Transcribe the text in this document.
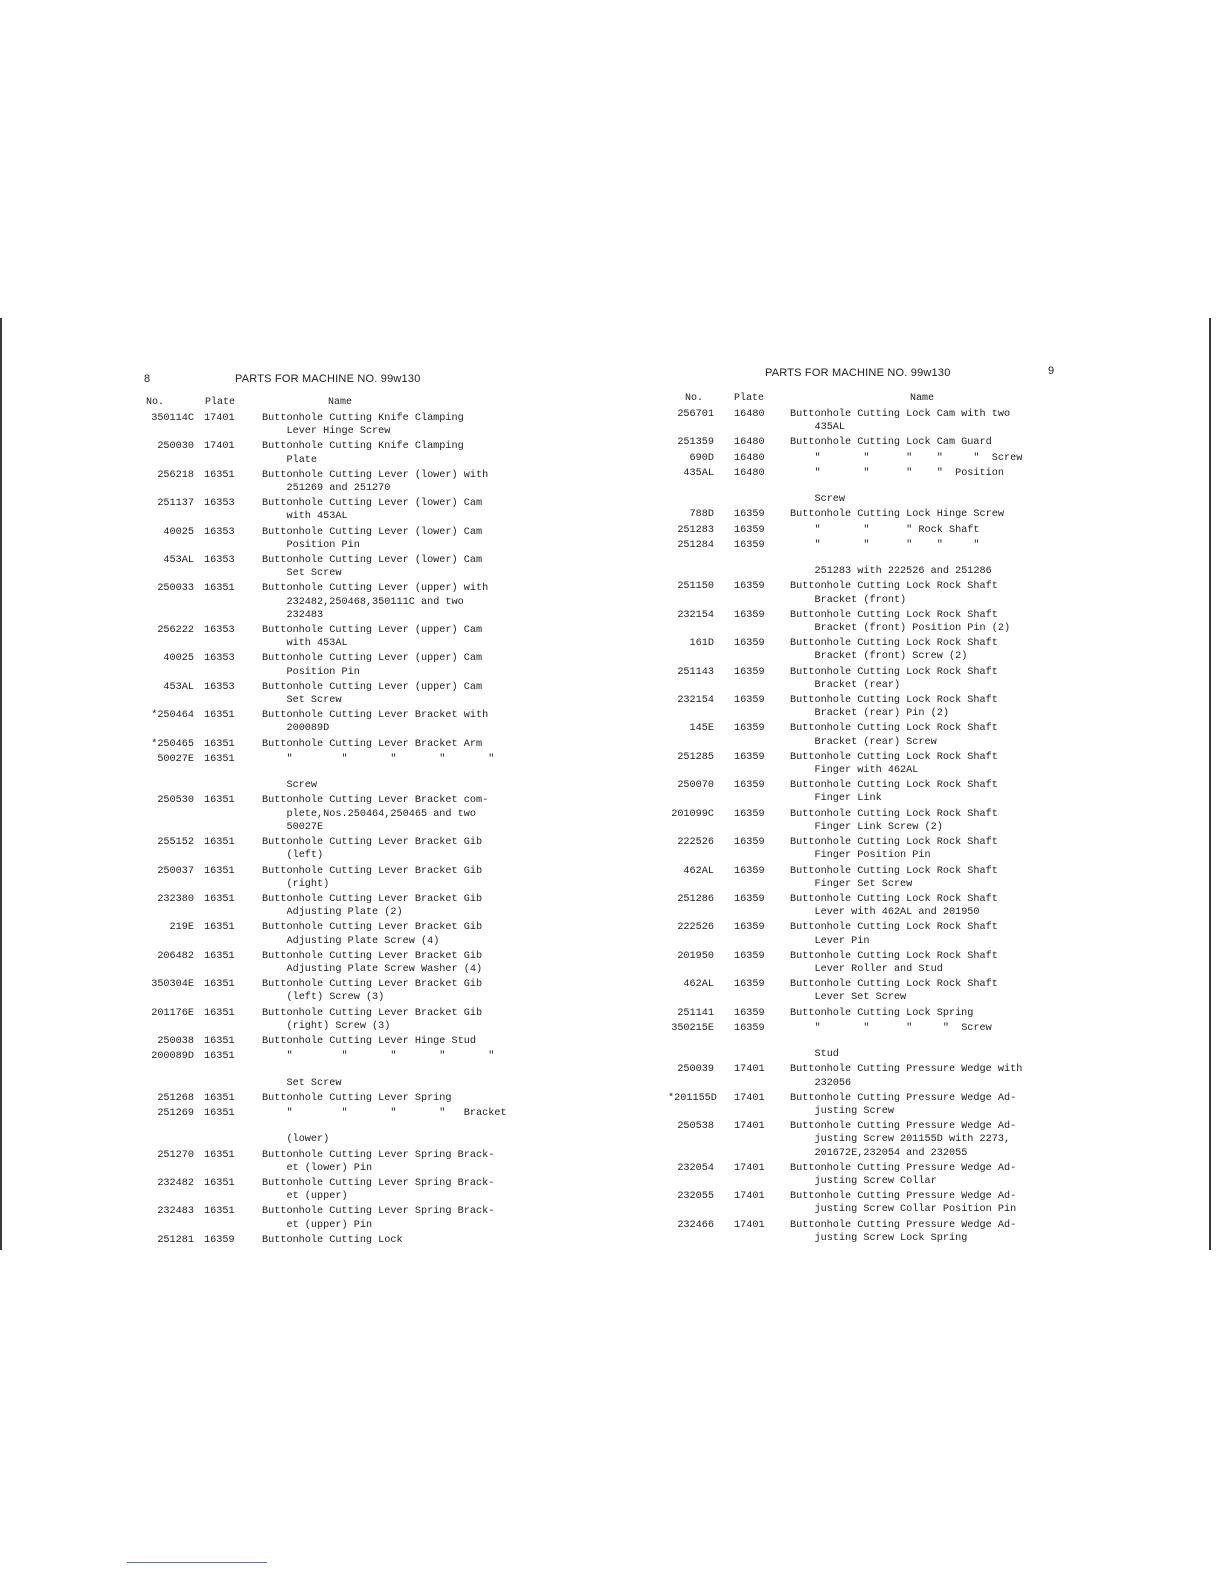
8	PARTS FOR MACHINE NO. 99w130
No.	Plate	Name
350114C 17401	Buttonhole Cutting Knife Clamping
Lever Hinge Screw
250030 17401	Buttonhole Cutting Knife Clamping
Plate
256218 16351	Buttonhole Cutting Lever (lower) with
251269 and 251270
251137 16353	Buttonhole Cutting Lever (lower) Cam
with 453AL
40025 16353	Buttonhole Cutting Lever (lower) Cam
Position Pin
453AL 16353	Buttonhole Cutting Lever (lower) Cam
Set Screw
250033 16351	Buttonhole Cutting Lever (upper) with
232482,250468,350111C and two
232483
256222 16353	Buttonhole Cutting Lever (upper) Cam
with 453AL
40025 16353	Buttonhole Cutting Lever (upper) Cam
Position Pin
453AL 16353	Buttonhole Cutting Lever (upper) Cam
Set Screw
*250464 16351	Buttonhole Cutting Lever Bracket with
200089D
*250465 16351	Buttonhole Cutting Lever Bracket Arm
50027E 16351	"        "       "       "       "

Screw
250530 16351	Buttonhole Cutting Lever Bracket com-
plete,Nos.250464,250465 and two
50027E
255152 16351	Buttonhole Cutting Lever Bracket Gib
(left)
250037 16351	Buttonhole Cutting Lever Bracket Gib
(right)
232380 16351	Buttonhole Cutting Lever Bracket Gib
Adjusting Plate (2)
219E 16351	Buttonhole Cutting Lever Bracket Gib
Adjusting Plate Screw (4)
206482 16351	Buttonhole Cutting Lever Bracket Gib
Adjusting Plate Screw Washer (4)
350304E 16351	Buttonhole Cutting Lever Bracket Gib
(left) Screw (3)
201176E 16351	Buttonhole Cutting Lever Bracket Gib
(right) Screw (3)
250038 16351	Buttonhole Cutting Lever Hinge Stud
200089D 16351	"        "       "       "       "

Set Screw
251268 16351	Buttonhole Cutting Lever Spring
251269 16351	"        "       "       "   Bracket

(lower)
251270 16351	Buttonhole Cutting Lever Spring Brack-
et (lower) Pin
232482 16351	Buttonhole Cutting Lever Spring Brack-
et (upper)
232483 16351	Buttonhole Cutting Lever Spring Brack-
et (upper) Pin
251281 16359	Buttonhole Cutting Lock
PARTS FOR MACHINE NO. 99w130	9
No.	Plate	Name
256701 16480 Buttonhole Cutting Lock Cam with two
435AL
251359 16480 Buttonhole Cutting Lock Cam Guard
690D 16480 "       "      "    "     "  Screw
435AL 16480	"       "      "    "  Position

Screw
788D 16359 Buttonhole Cutting Lock Hinge Screw
251283 16359 "       "      " Rock Shaft
251284 16359	"       "      "    "     "

251283 with 222526 and 251286
251150 16359 Buttonhole Cutting Lock Rock Shaft
Bracket (front)
232154 16359 Buttonhole Cutting Lock Rock Shaft
Bracket (front) Position Pin (2)
161D 16359 Buttonhole Cutting Lock Rock Shaft
Bracket (front) Screw (2)
251143 16359 Buttonhole Cutting Lock Rock Shaft
Bracket (rear)
232154 16359 Buttonhole Cutting Lock Rock Shaft
Bracket (rear) Pin (2)
145E 16359 Buttonhole Cutting Lock Rock Shaft
Bracket (rear) Screw
251285 16359 Buttonhole Cutting Lock Rock Shaft
Finger with 462AL
250070 16359 Buttonhole Cutting Lock Rock Shaft
Finger Link
201099C 16359 Buttonhole Cutting Lock Rock Shaft
Finger Link Screw (2)
222526 16359 Buttonhole Cutting Lock Rock Shaft
Finger Position Pin
462AL 16359 Buttonhole Cutting Lock Rock Shaft
Finger Set Screw
251286 16359 Buttonhole Cutting Lock Rock Shaft
Lever with 462AL and 201950
222526 16359 Buttonhole Cutting Lock Rock Shaft
Lever Pin
201950 16359 Buttonhole Cutting Lock Rock Shaft
Lever Roller and Stud
462AL 16359 Buttonhole Cutting Lock Rock Shaft
Lever Set Screw
251141 16359 Buttonhole Cutting Lock Spring
350215E 16359	"       "      "     "  Screw

Stud
250039 17401 Buttonhole Cutting Pressure Wedge with
232056
*201155D 17401 Buttonhole Cutting Pressure Wedge Ad-
justing Screw
250538 17401 Buttonhole Cutting Pressure Wedge Ad-
justing Screw 201155D with 2273,
201672E,232054 and 232055
232054 17401 Buttonhole Cutting Pressure Wedge Ad-
justing Screw Collar
232055 17401 Buttonhole Cutting Pressure Wedge Ad-
justing Screw Collar Position Pin
232466 17401 Buttonhole Cutting Pressure Wedge Ad-
justing Screw Lock Spring
